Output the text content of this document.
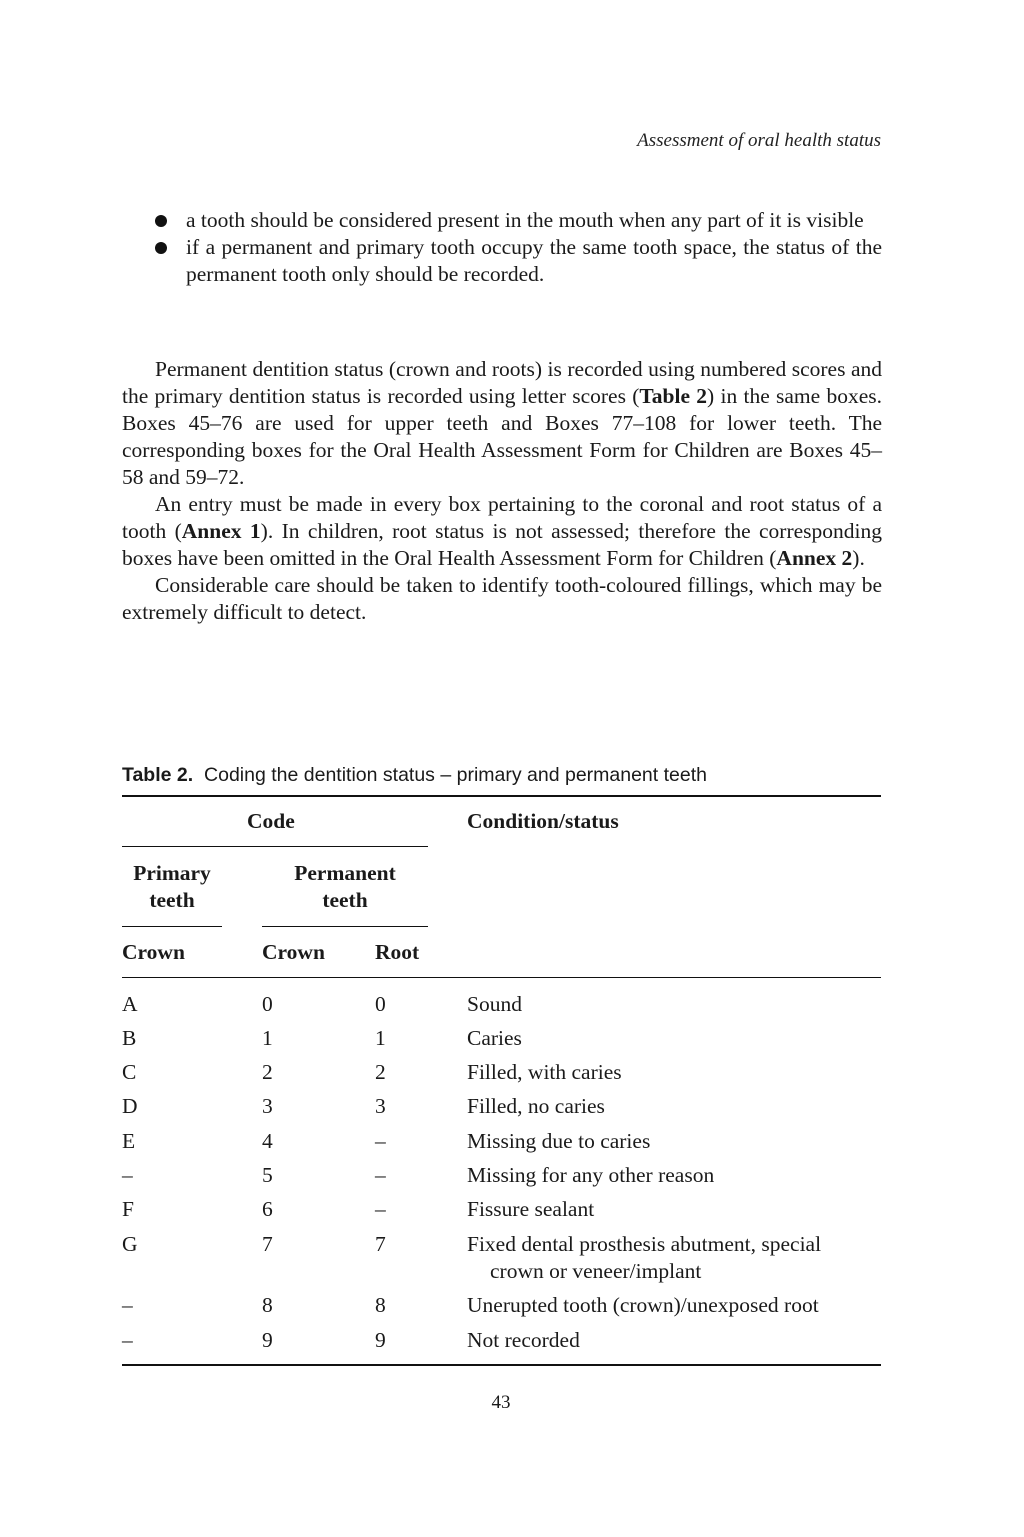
Assessment of oral health status
a tooth should be considered present in the mouth when any part of it is visible
if a permanent and primary tooth occupy the same tooth space, the status of the permanent tooth only should be recorded.

Permanent dentition status (crown and roots) is recorded using numbered scores and the primary dentition status is recorded using letter scores (Table 2) in the same boxes. Boxes 45–76 are used for upper teeth and Boxes 77–108 for lower teeth. The corresponding boxes for the Oral Health Assessment Form for Children are Boxes 45–58 and 59–72.

An entry must be made in every box pertaining to the coronal and root status of a tooth (Annex 1). In children, root status is not assessed; therefore the corresponding boxes have been omitted in the Oral Health Assessment Form for Children (Annex 2).

Considerable care should be taken to identify tooth-coloured fillings, which may be extremely difficult to detect.

Table 2. Coding the dentition status – primary and permanent teeth
Code	Condition/status
Primary
teeth
Permanent
teeth
Crown	Crown Root
A	0	0	Sound
B	1	1	Caries
C	2	2	Filled, with caries
D	3	3	Filled, no caries
E	4	–	Missing due to caries
–	5	–	Missing for any other reason
F	6	–	Fissure sealant
G	7	7	Fixed dental prosthesis abutment, special
crown or veneer/implant
–	8	8	Unerupted tooth (crown)/unexposed root
–	9	9	Not recorded
43
